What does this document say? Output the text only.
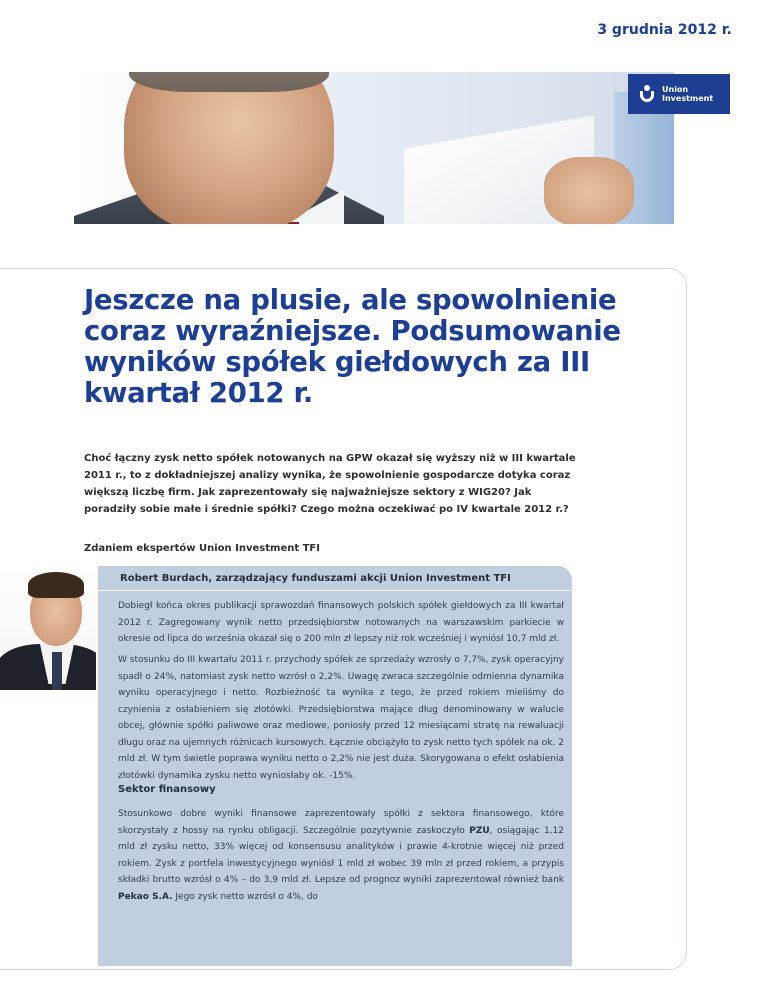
3 grudnia 2012 r.
Union
Investment
Jeszcze na plusie, ale spowolnienie coraz wyraźniejsze. Podsumowanie wyników spółek giełdowych za III kwartał 2012 r.

Choć łączny zysk netto spółek notowanych na GPW okazał się wyższy niż w III kwartale 2011 r., to z dokładniejszej analizy wynika, że spowolnienie gospodarcze dotyka coraz większą liczbę firm. Jak zaprezentowały się najważniejsze sektory z WIG20? Jak poradziły sobie małe i średnie spółki? Czego można oczekiwać po IV kwartale 2012 r.?

Zdaniem ekspertów Union Investment TFI

Robert Burdach, zarządzający funduszami akcji Union Investment TFI

Dobiegł końca okres publikacji sprawozdań finansowych polskich spółek giełdowych za III kwartał 2012 r. Zagregowany wynik netto przedsiębiorstw notowanych na warszawskim parkiecie w okresie od lipca do września okazał się o 200 mln zł lepszy niż rok wcześniej i wyniósł 10,7 mld zł.

W stosunku do III kwartału 2011 r. przychody spółek ze sprzedaży wzrosły o 7,7%, zysk operacyjny spadł o 24%, natomiast zysk netto wzrósł o 2,2%. Uwagę zwraca szczególnie odmienna dynamika wyniku operacyjnego i netto. Rozbieżność ta wynika z tego, że przed rokiem mieliśmy do czynienia z osłabieniem się złotówki. Przedsiębiorstwa mające dług denominowany w walucie obcej, głównie spółki paliwowe oraz mediowe, poniosły przed 12 miesiącami stratę na rewaluacji długu oraz na ujemnych różnicach kursowych. Łącznie obciążyło to zysk netto tych spółek na ok. 2 mld zł. W tym świetle poprawa wyniku netto o 2,2% nie jest duża. Skorygowana o efekt osłabienia złotówki dynamika zysku netto wyniosłaby ok. -15%.

Sektor finansowy

Stosunkowo dobre wyniki finansowe zaprezentowały spółki z sektora finansowego, które skorzystały z hossy na rynku obligacji. Szczególnie pozytywnie zaskoczyło PZU, osiągając 1,12 mld zł zysku netto, 33% więcej od konsensusu analityków i prawie 4-krotnie więcej niż przed rokiem. Zysk z portfela inwestycyjnego wyniósł 1 mld zł wobec 39 mln zł przed rokiem, a przypis składki brutto wzrósł o 4% – do 3,9 mld zł. Lepsze od prognoz wyniki zaprezentował również bank Pekao S.A. Jego zysk netto wzrósł o 4%, do
